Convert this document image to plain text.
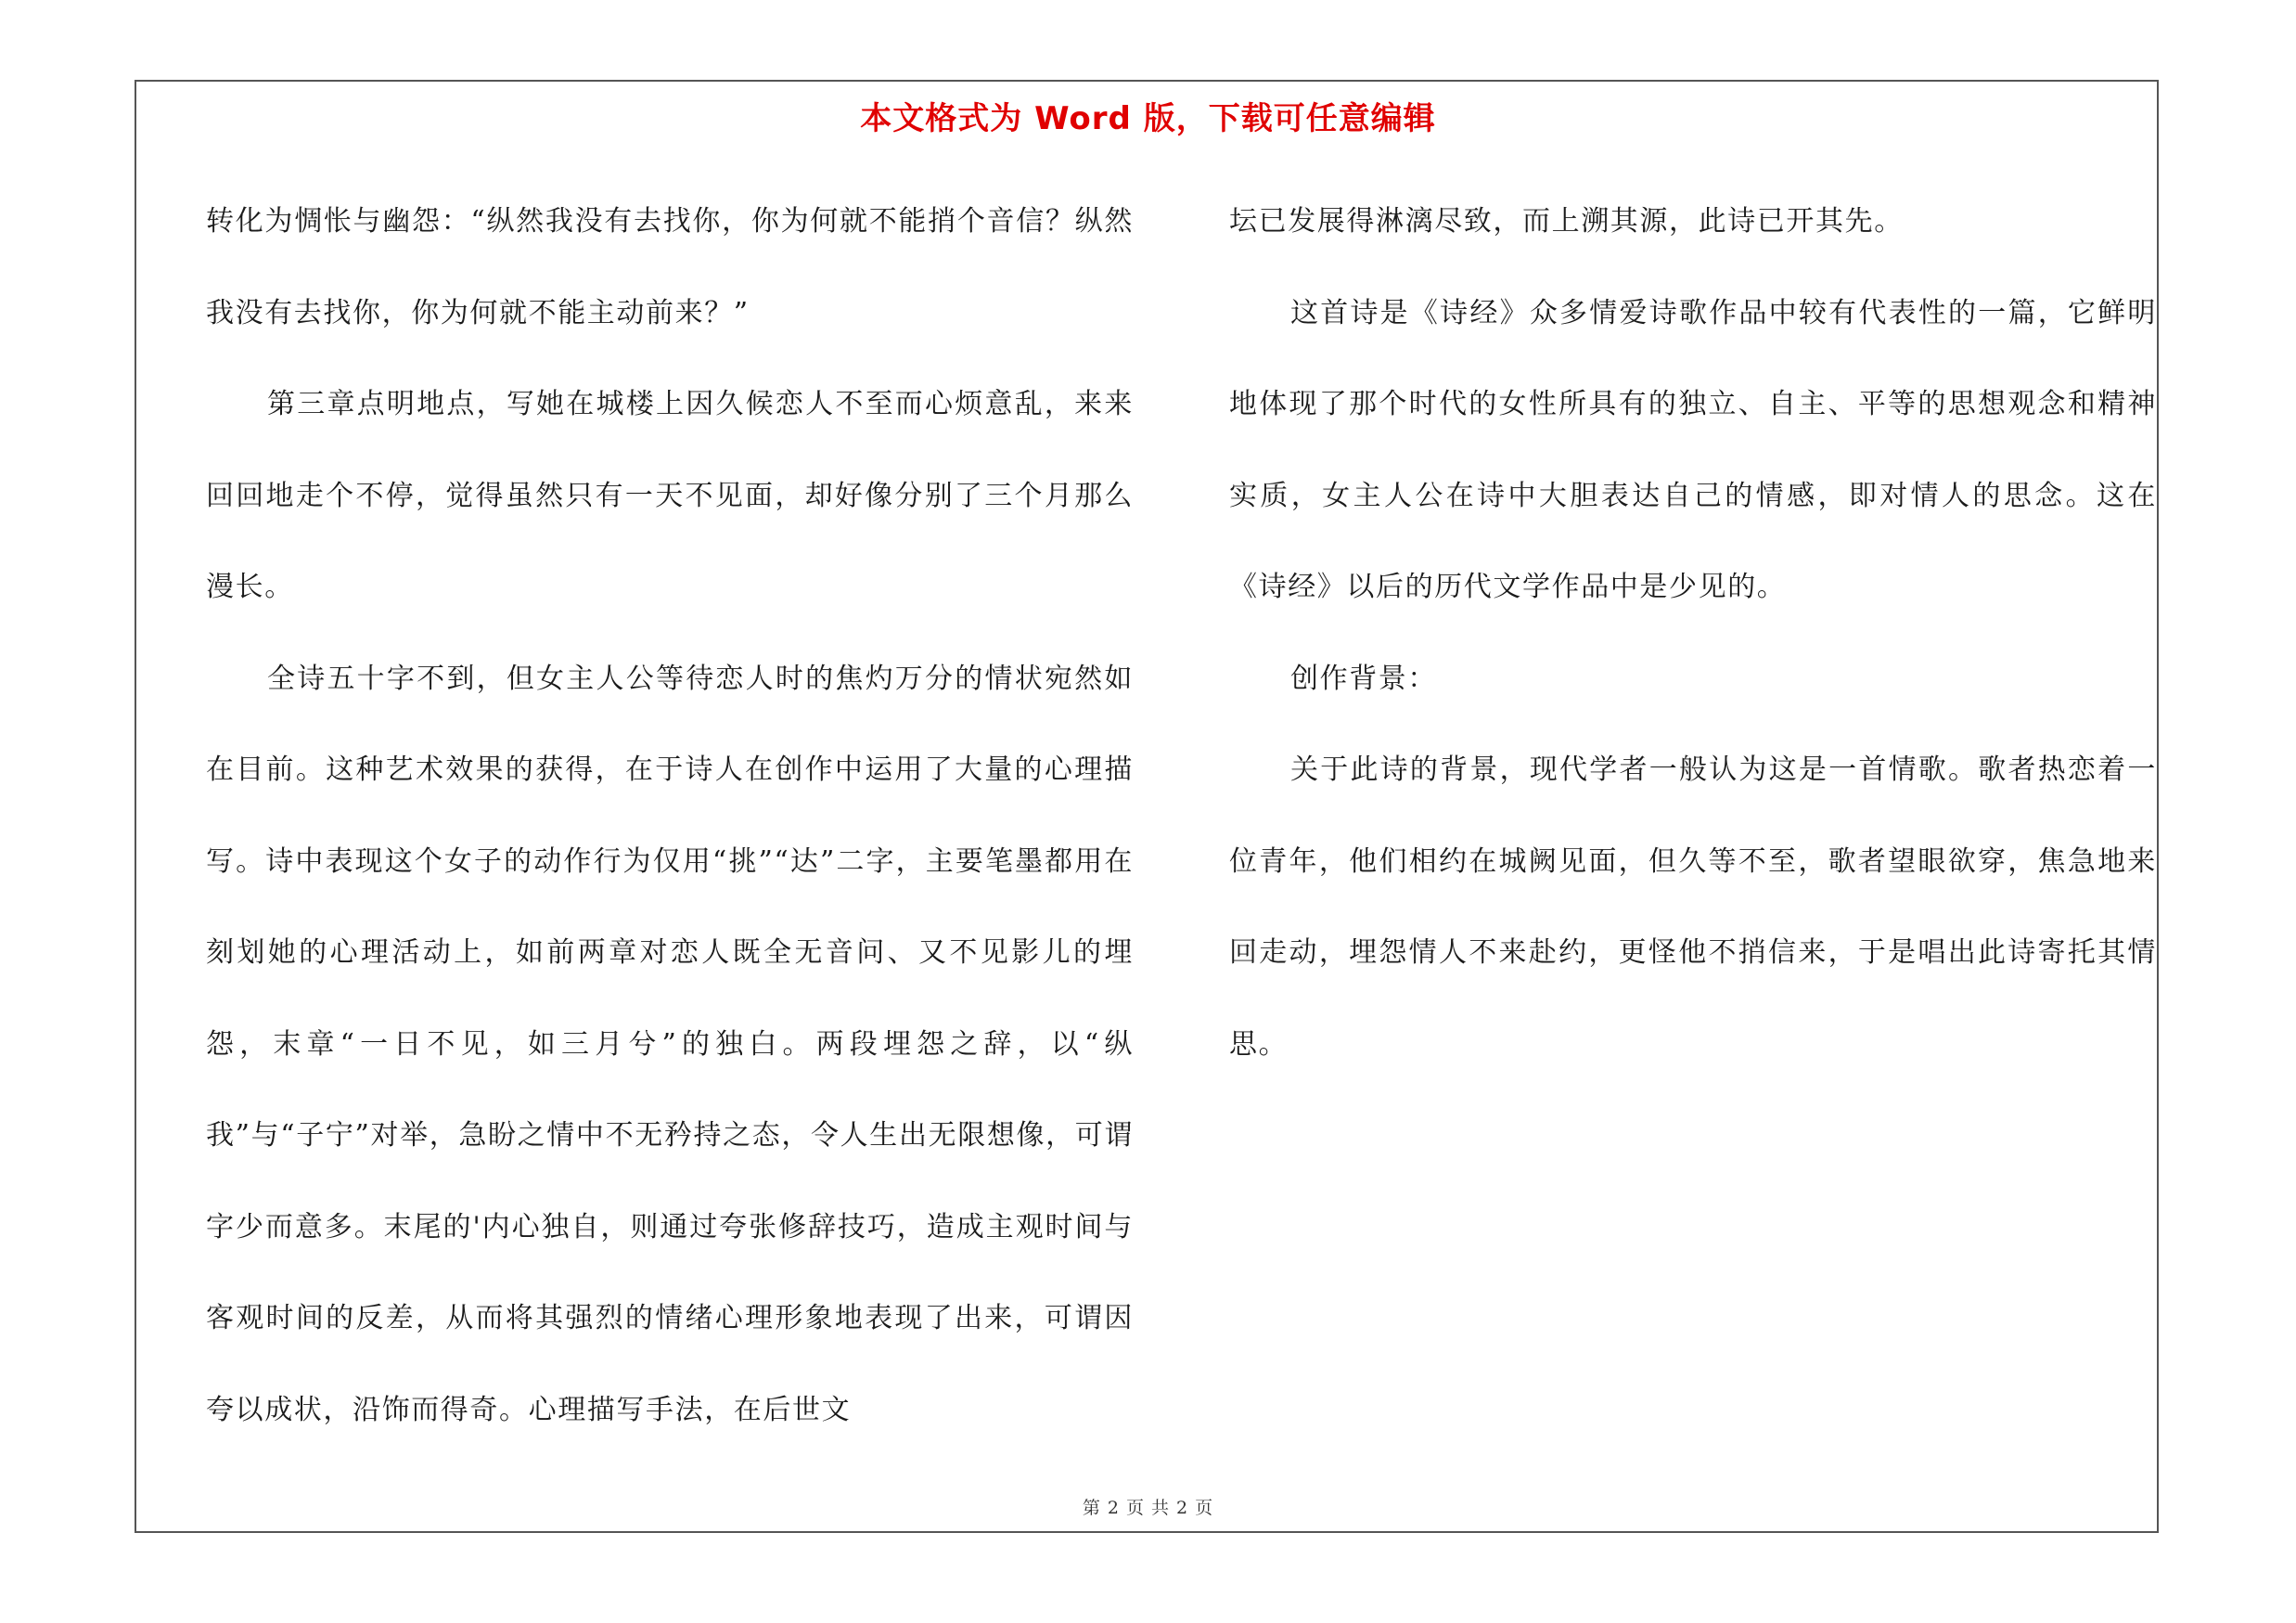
本文格式为 Word 版，下载可任意编辑

转化为惆怅与幽怨：“纵然我没有去找你，你为何就不能捎个音信？纵然我没有去找你，你为何就不能主动前来？”

第三章点明地点，写她在城楼上因久候恋人不至而心烦意乱，来来回回地走个不停，觉得虽然只有一天不见面，却好像分别了三个月那么漫长。

全诗五十字不到，但女主人公等待恋人时的焦灼万分的情状宛然如在目前。这种艺术效果的获得，在于诗人在创作中运用了大量的心理描写。诗中表现这个女子的动作行为仅用“挑”“达”二字，主要笔墨都用在刻划她的心理活动上，如前两章对恋人既全无音问、又不见影儿的埋怨，末章“一日不见，如三月兮”的独白。两段埋怨之辞，以“纵我”与“子宁”对举，急盼之情中不无矜持之态，令人生出无限想像，可谓字少而意多。末尾的'内心独自，则通过夸张修辞技巧，造成主观时间与客观时间的反差，从而将其强烈的情绪心理形象地表现了出来，可谓因夸以成状，沿饰而得奇。心理描写手法，在后世文

坛已发展得淋漓尽致，而上溯其源，此诗已开其先。

这首诗是《诗经》众多情爱诗歌作品中较有代表性的一篇，它鲜明地体现了那个时代的女性所具有的独立、自主、平等的思想观念和精神实质，女主人公在诗中大胆表达自己的情感，即对情人的思念。这在《诗经》以后的历代文学作品中是少见的。

创作背景：

关于此诗的背景，现代学者一般认为这是一首情歌。歌者热恋着一位青年，他们相约在城阙见面，但久等不至，歌者望眼欲穿，焦急地来回走动，埋怨情人不来赴约，更怪他不捎信来，于是唱出此诗寄托其情思。

第 2 页 共 2 页
